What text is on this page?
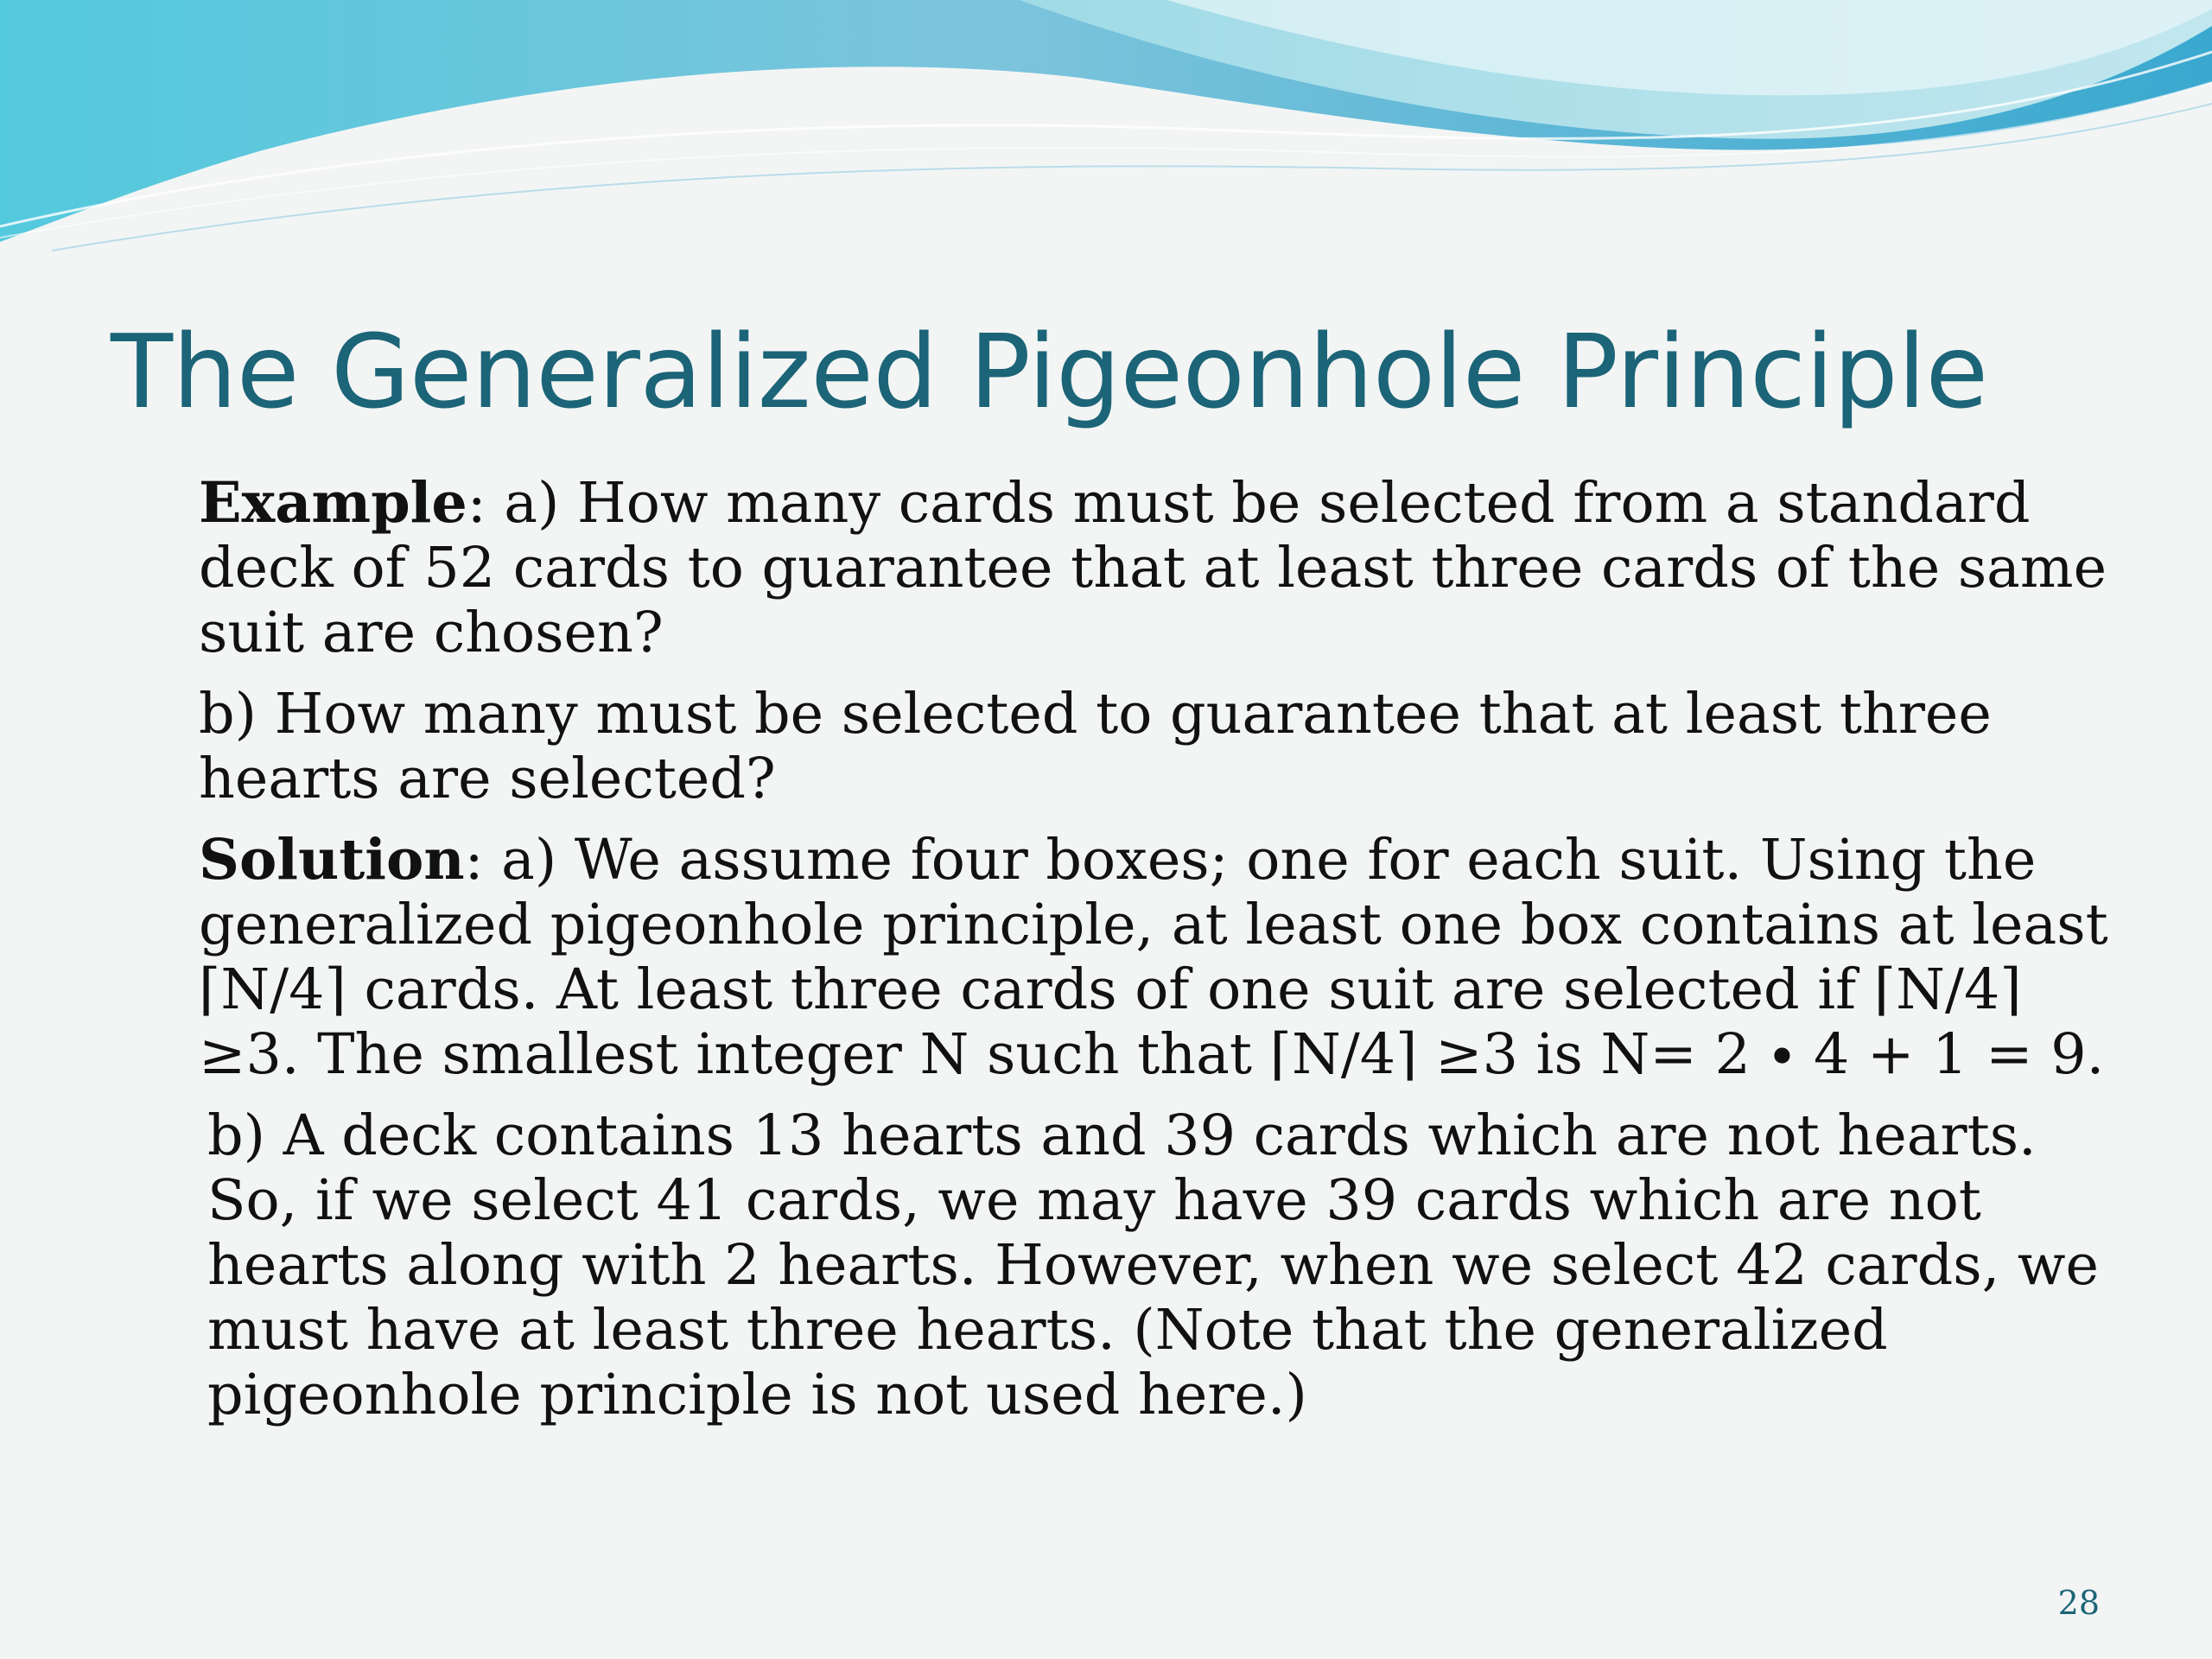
The Generalized Pigeonhole Principle

Example: a) How many cards must be selected from a standard deck of 52 cards to guarantee that at least three cards of the same suit are chosen?

b) How many must be selected to guarantee that at least three hearts are selected?

Solution: a) We assume four boxes; one for each suit. Using the generalized pigeonhole principle, at least one box contains at least ⌈N/4⌉ cards. At least three cards of one suit are selected if ⌈N/4⌉ ≥3. The smallest integer N such that ⌈N/4⌉ ≥3 is N= 2 ∙ 4 + 1 = 9.

b) A deck contains 13 hearts and 39 cards which are not hearts. So, if we select 41 cards, we may have 39 cards which are not hearts along with 2 hearts. However, when we select 42 cards, we must have at least three hearts. (Note that the generalized pigeonhole principle is not used here.)

28
